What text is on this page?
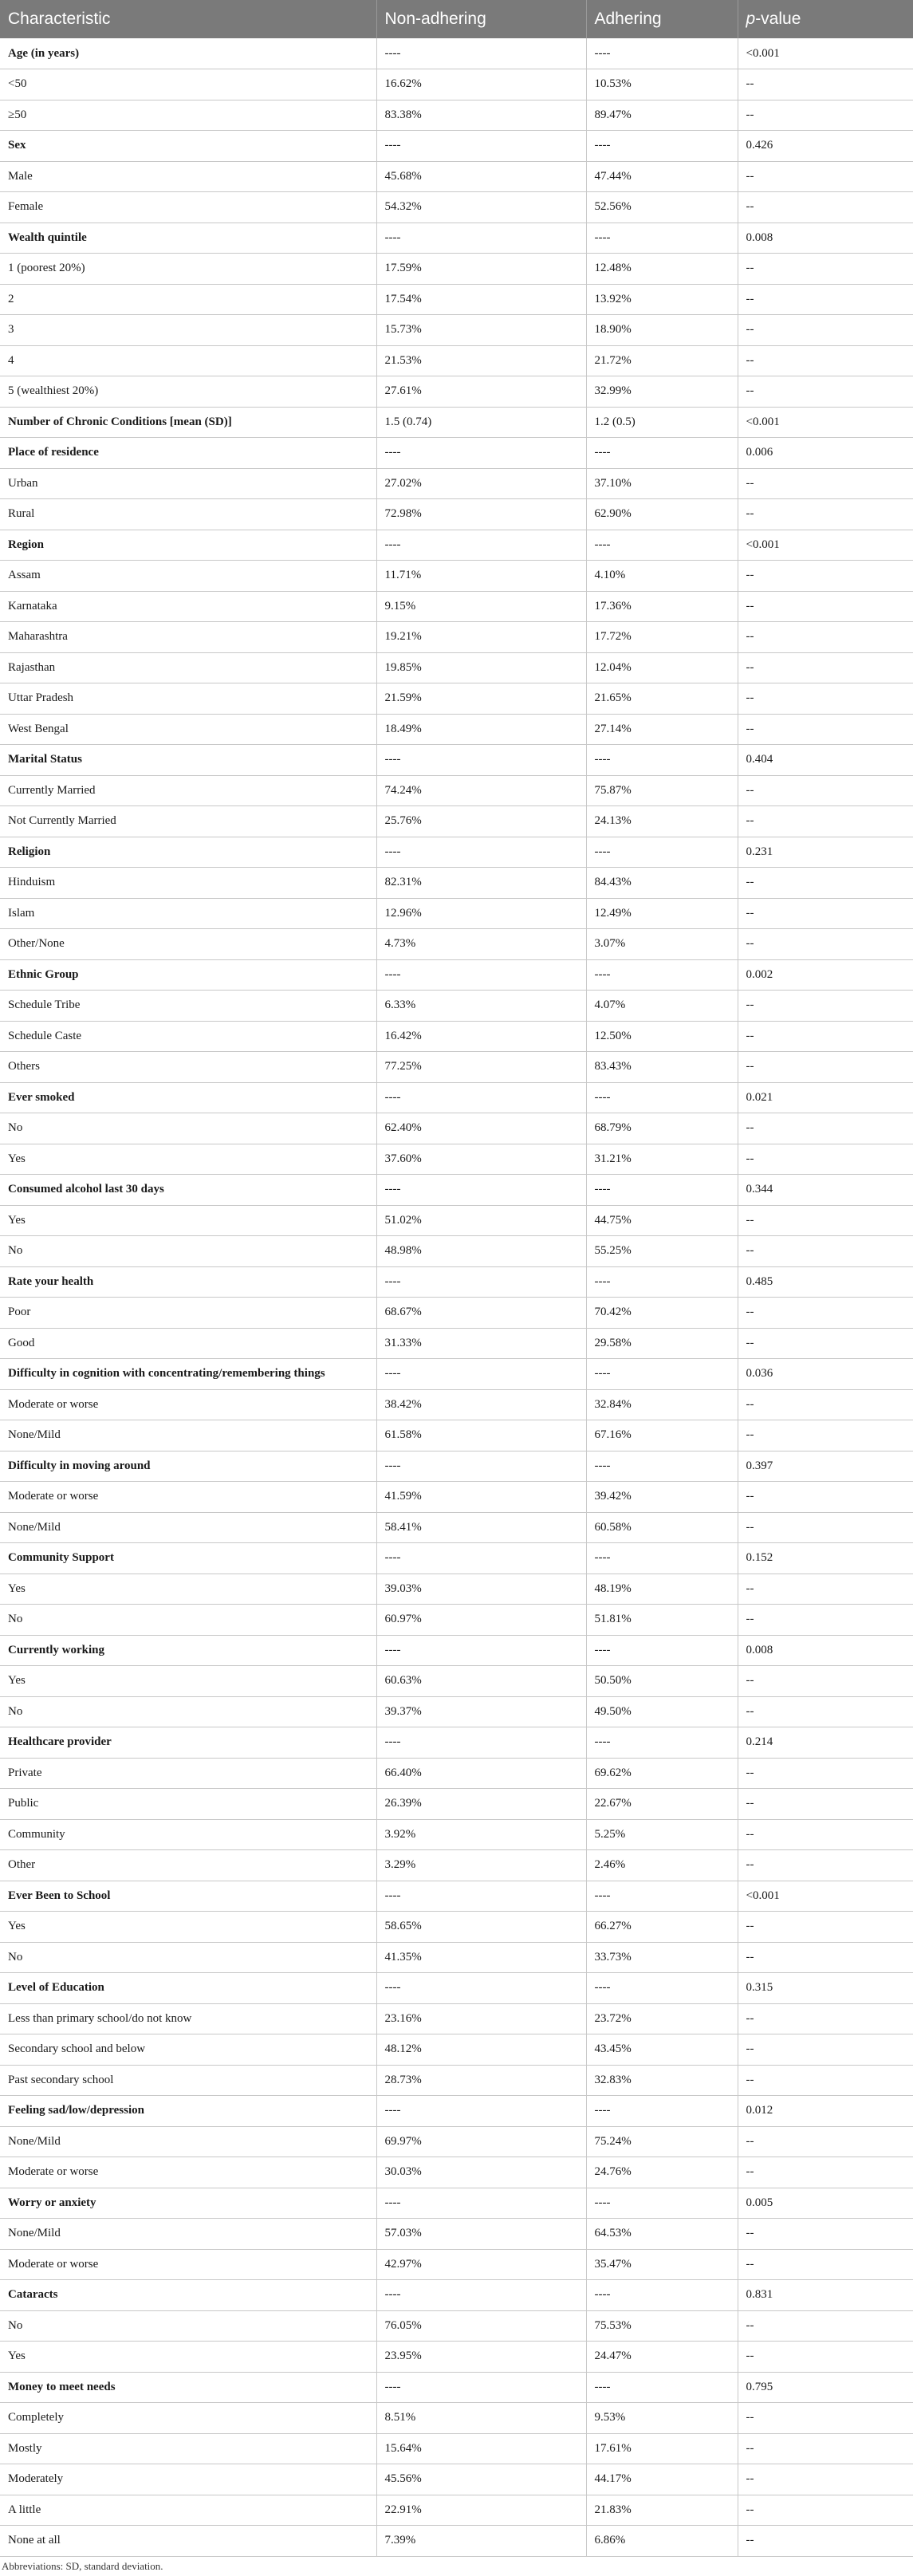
Characteristic	Non-adhering	Adhering	p-value
Age (in years)	----	----	<0.001
<50	16.62%	10.53%	--
≥50	83.38%	89.47%	--
Sex	----	----	0.426
Male	45.68%	47.44%	--
Female	54.32%	52.56%	--
Wealth quintile	----	----	0.008
1 (poorest 20%)	17.59%	12.48%	--
2	17.54%	13.92%	--
3	15.73%	18.90%	--
4	21.53%	21.72%	--
5 (wealthiest 20%)	27.61%	32.99%	--
Number of Chronic Conditions [mean (SD)]	1.5 (0.74)	1.2 (0.5)	<0.001
Place of residence	----	----	0.006
Urban	27.02%	37.10%	--
Rural	72.98%	62.90%	--
Region	----	----	<0.001
Assam	11.71%	4.10%	--
Karnataka	9.15%	17.36%	--
Maharashtra	19.21%	17.72%	--
Rajasthan	19.85%	12.04%	--
Uttar Pradesh	21.59%	21.65%	--
West Bengal	18.49%	27.14%	--
Marital Status	----	----	0.404
Currently Married	74.24%	75.87%	--
Not Currently Married	25.76%	24.13%	--
Religion	----	----	0.231
Hinduism	82.31%	84.43%	--
Islam	12.96%	12.49%	--
Other/None	4.73%	3.07%	--
Ethnic Group	----	----	0.002
Schedule Tribe	6.33%	4.07%	--
Schedule Caste	16.42%	12.50%	--
Others	77.25%	83.43%	--
Ever smoked	----	----	0.021
No	62.40%	68.79%	--
Yes	37.60%	31.21%	--
Consumed alcohol last 30 days	----	----	0.344
Yes	51.02%	44.75%	--
No	48.98%	55.25%	--
Rate your health	----	----	0.485
Poor	68.67%	70.42%	--
Good	31.33%	29.58%	--
Difficulty in cognition with concentrating/remembering things	----	----	0.036
Moderate or worse	38.42%	32.84%	--
None/Mild	61.58%	67.16%	--
Difficulty in moving around	----	----	0.397
Moderate or worse	41.59%	39.42%	--
None/Mild	58.41%	60.58%	--
Community Support	----	----	0.152
Yes	39.03%	48.19%	--
No	60.97%	51.81%	--
Currently working	----	----	0.008
Yes	60.63%	50.50%	--
No	39.37%	49.50%	--
Healthcare provider	----	----	0.214
Private	66.40%	69.62%	--
Public	26.39%	22.67%	--
Community	3.92%	5.25%	--
Other	3.29%	2.46%	--
Ever Been to School	----	----	<0.001
Yes	58.65%	66.27%	--
No	41.35%	33.73%	--
Level of Education	----	----	0.315
Less than primary school/do not know	23.16%	23.72%	--
Secondary school and below	48.12%	43.45%	--
Past secondary school	28.73%	32.83%	--
Feeling sad/low/depression	----	----	0.012
None/Mild	69.97%	75.24%	--
Moderate or worse	30.03%	24.76%	--
Worry or anxiety	----	----	0.005
None/Mild	57.03%	64.53%	--
Moderate or worse	42.97%	35.47%	--
Cataracts	----	----	0.831
No	76.05%	75.53%	--
Yes	23.95%	24.47%	--
Money to meet needs	----	----	0.795
Completely	8.51%	9.53%	--
Mostly	15.64%	17.61%	--
Moderately	45.56%	44.17%	--
A little	22.91%	21.83%	--
None at all	7.39%	6.86%	--
Abbreviations: SD, standard deviation.
